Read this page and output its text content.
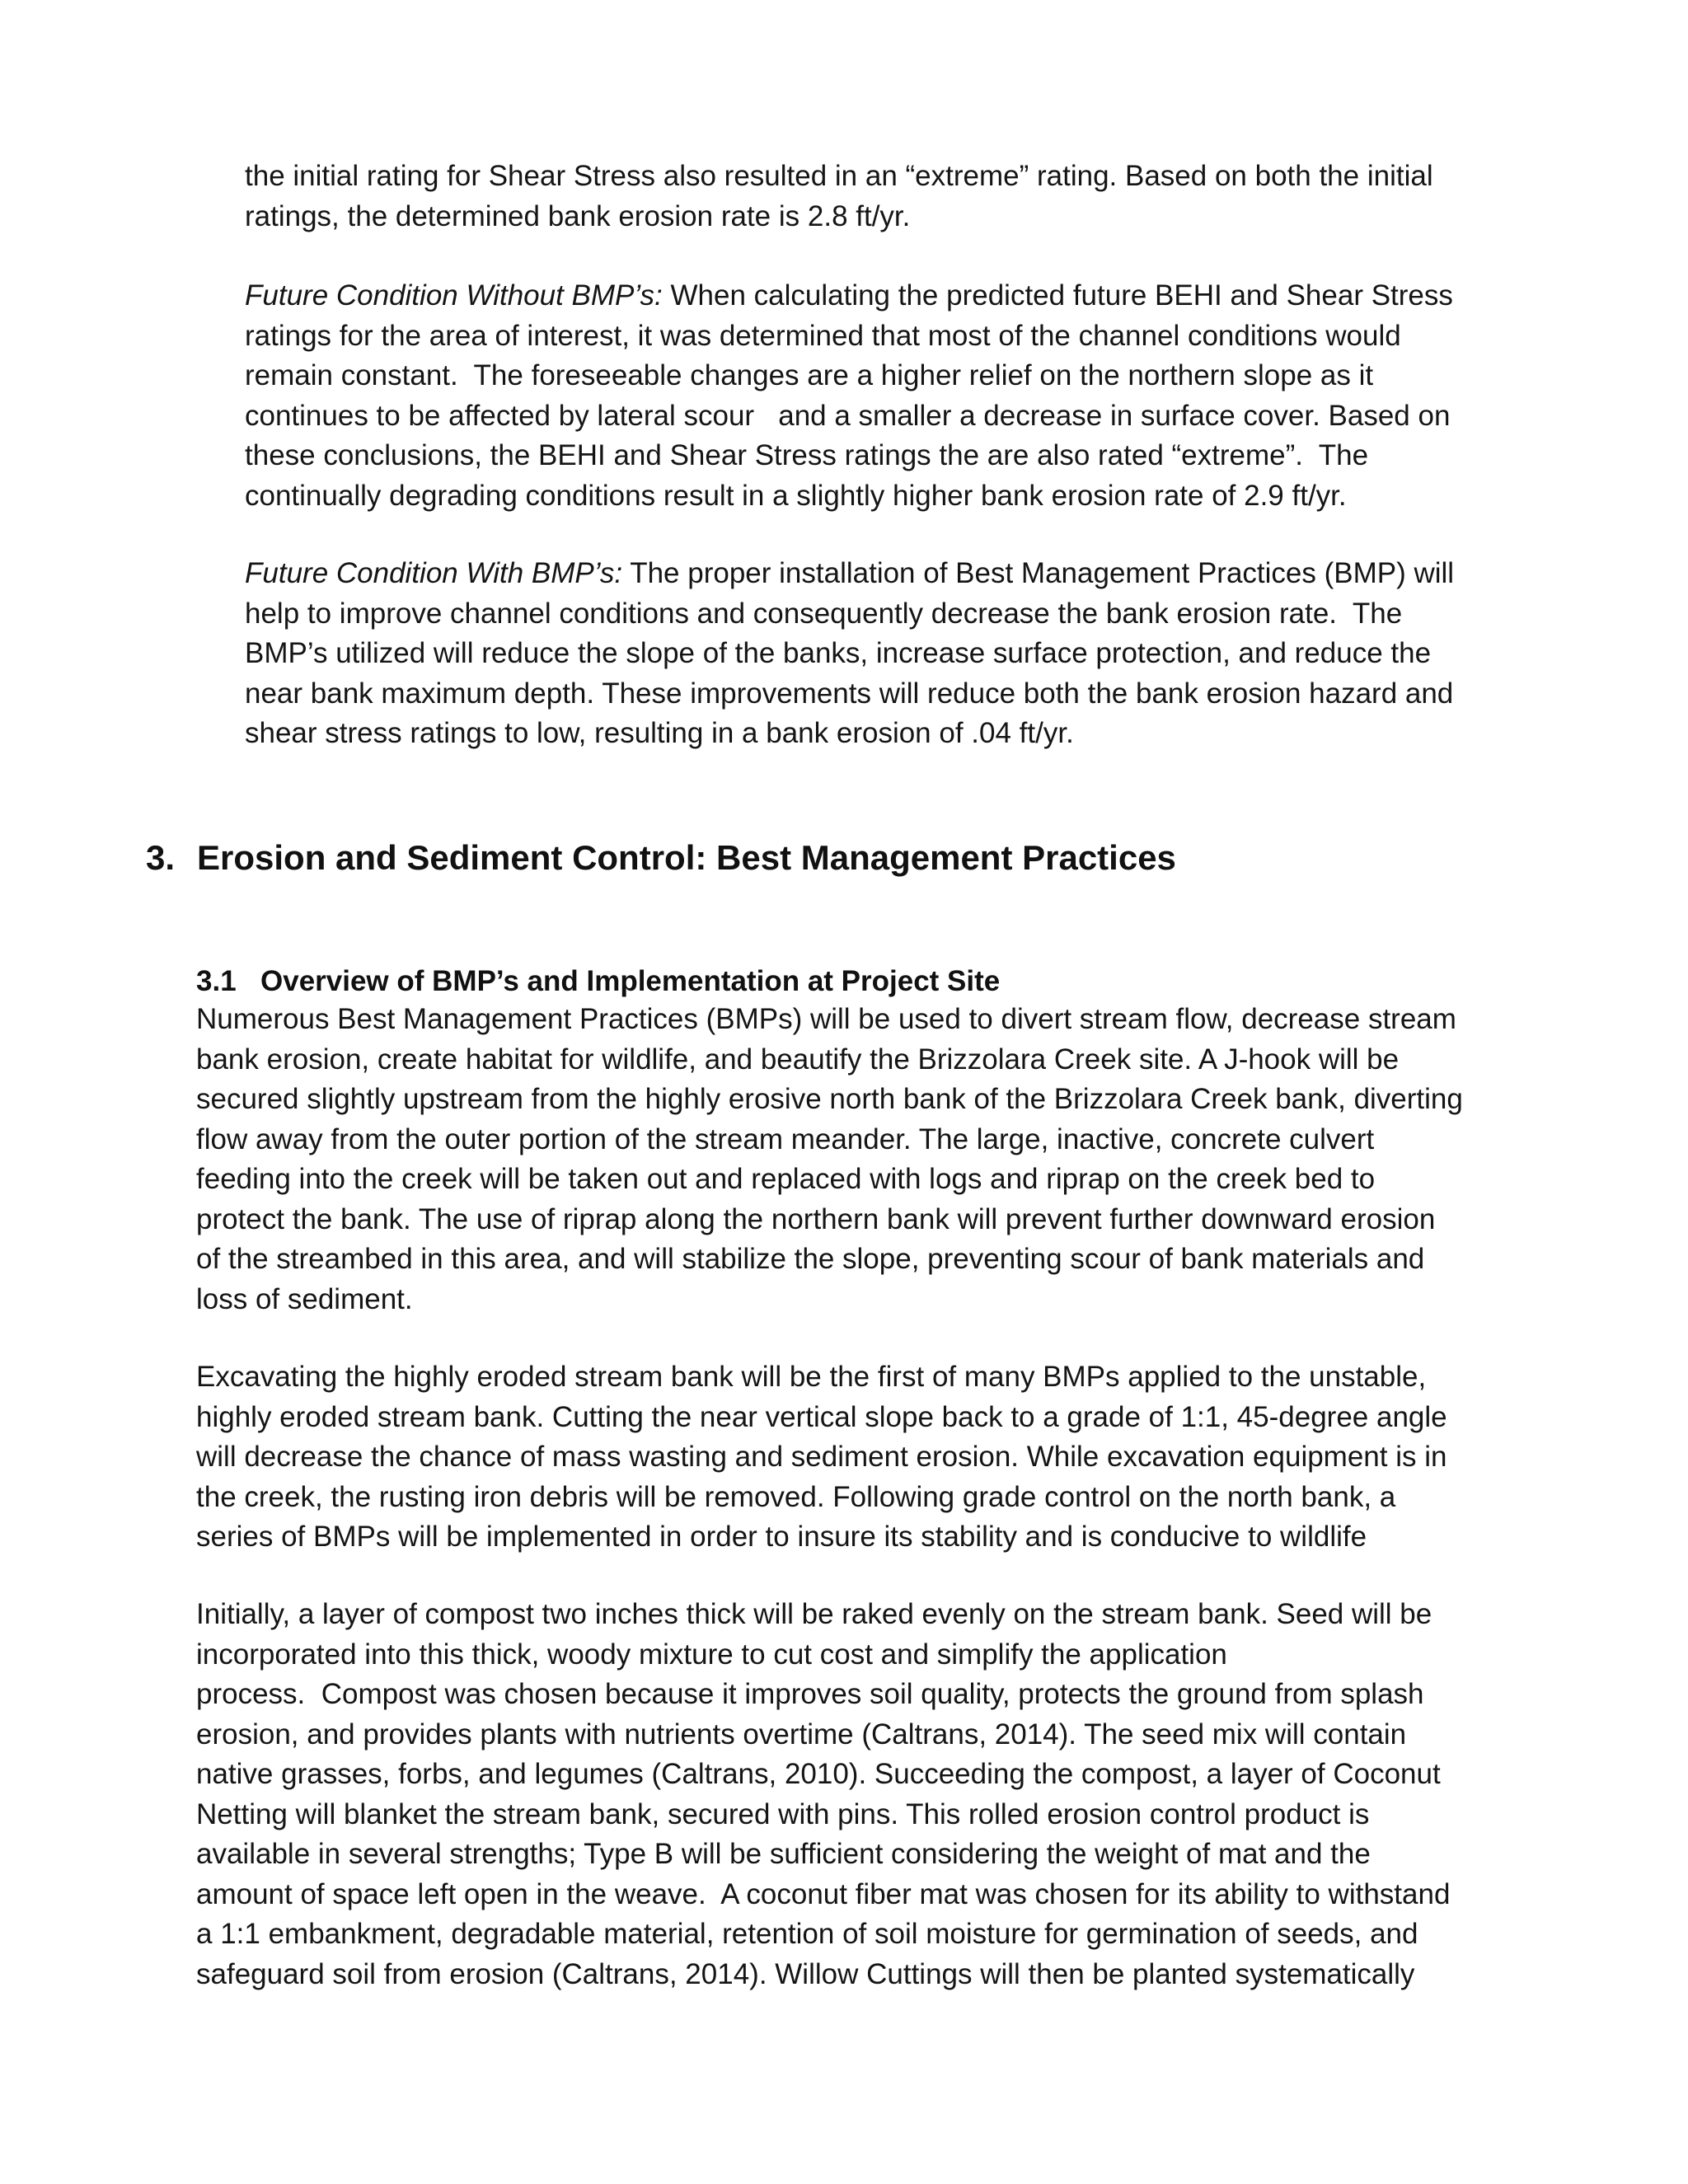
the initial rating for Shear Stress also resulted in an “extreme” rating. Based on both the initial
ratings, the determined bank erosion rate is 2.8 ft/yr.

Future Condition Without BMP’s: When calculating the predicted future BEHI and Shear Stress
ratings for the area of interest, it was determined that most of the channel conditions would
remain constant.  The foreseeable changes are a higher relief on the northern slope as it
continues to be affected by lateral scour   and a smaller a decrease in surface cover. Based on
these conclusions, the BEHI and Shear Stress ratings the are also rated “extreme”.  The
continually degrading conditions result in a slightly higher bank erosion rate of 2.9 ft/yr.

Future Condition With BMP’s: The proper installation of Best Management Practices (BMP) will
help to improve channel conditions and consequently decrease the bank erosion rate.  The
BMP’s utilized will reduce the slope of the banks, increase surface protection, and reduce the
near bank maximum depth. These improvements will reduce both the bank erosion hazard and
shear stress ratings to low, resulting in a bank erosion of .04 ft/yr.

3. Erosion and Sediment Control: Best Management Practices
3.1 Overview of BMP’s and Implementation at Project Site

Numerous Best Management Practices (BMPs) will be used to divert stream flow, decrease stream
bank erosion, create habitat for wildlife, and beautify the Brizzolara Creek site. A J-hook will be
secured slightly upstream from the highly erosive north bank of the Brizzolara Creek bank, diverting
flow away from the outer portion of the stream meander. The large, inactive, concrete culvert
feeding into the creek will be taken out and replaced with logs and riprap on the creek bed to
protect the bank. The use of riprap along the northern bank will prevent further downward erosion
of the streambed in this area, and will stabilize the slope, preventing scour of bank materials and
loss of sediment.

Excavating the highly eroded stream bank will be the first of many BMPs applied to the unstable,
highly eroded stream bank. Cutting the near vertical slope back to a grade of 1:1, 45-degree angle
will decrease the chance of mass wasting and sediment erosion. While excavation equipment is in
the creek, the rusting iron debris will be removed. Following grade control on the north bank, a
series of BMPs will be implemented in order to insure its stability and is conducive to wildlife

Initially, a layer of compost two inches thick will be raked evenly on the stream bank. Seed will be
incorporated into this thick, woody mixture to cut cost and simplify the application
process.  Compost was chosen because it improves soil quality, protects the ground from splash
erosion, and provides plants with nutrients overtime (Caltrans, 2014). The seed mix will contain
native grasses, forbs, and legumes (Caltrans, 2010). Succeeding the compost, a layer of Coconut
Netting will blanket the stream bank, secured with pins. This rolled erosion control product is
available in several strengths; Type B will be sufficient considering the weight of mat and the
amount of space left open in the weave.  A coconut fiber mat was chosen for its ability to withstand
a 1:1 embankment, degradable material, retention of soil moisture for germination of seeds, and
safeguard soil from erosion (Caltrans, 2014). Willow Cuttings will then be planted systematically
